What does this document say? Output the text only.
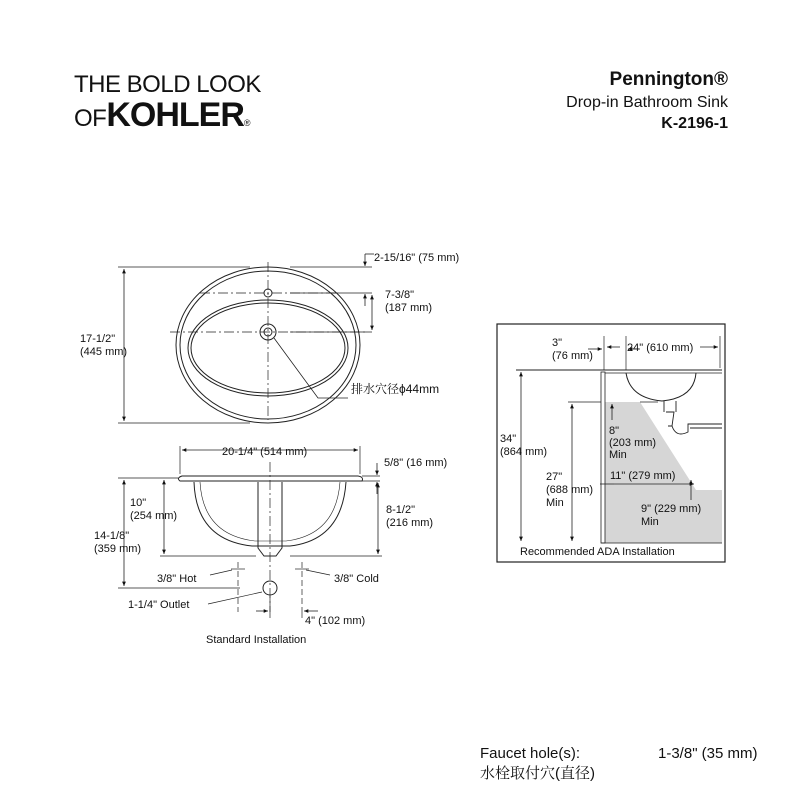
THE BOLD LOOK
OFKOHLER®
Pennington®
Drop-in Bathroom Sink
K-2196-1
2-15/16" (75 mm)
7-3/8"
(187 mm)
17-1/2"
(445 mm)
排水穴径ϕ44mm
20-1/4" (514 mm)
5/8" (16 mm)
10"
(254 mm)
14-1/8"
(359 mm)
8-1/2"
(216 mm)
3/8" Hot	3/8" Cold
1-1/4" Outlet
4" (102 mm)
Standard Installation
3"
(76 mm)
24" (610 mm)
34"
(864 mm)
27"
(688 mm)
Min
8"
(203 mm)
Min
11" (279 mm)
9" (229 mm)
Min
Recommended ADA Installation
Faucet hole(s):	1-3/8" (35 mm)
水栓取付穴(直径)
